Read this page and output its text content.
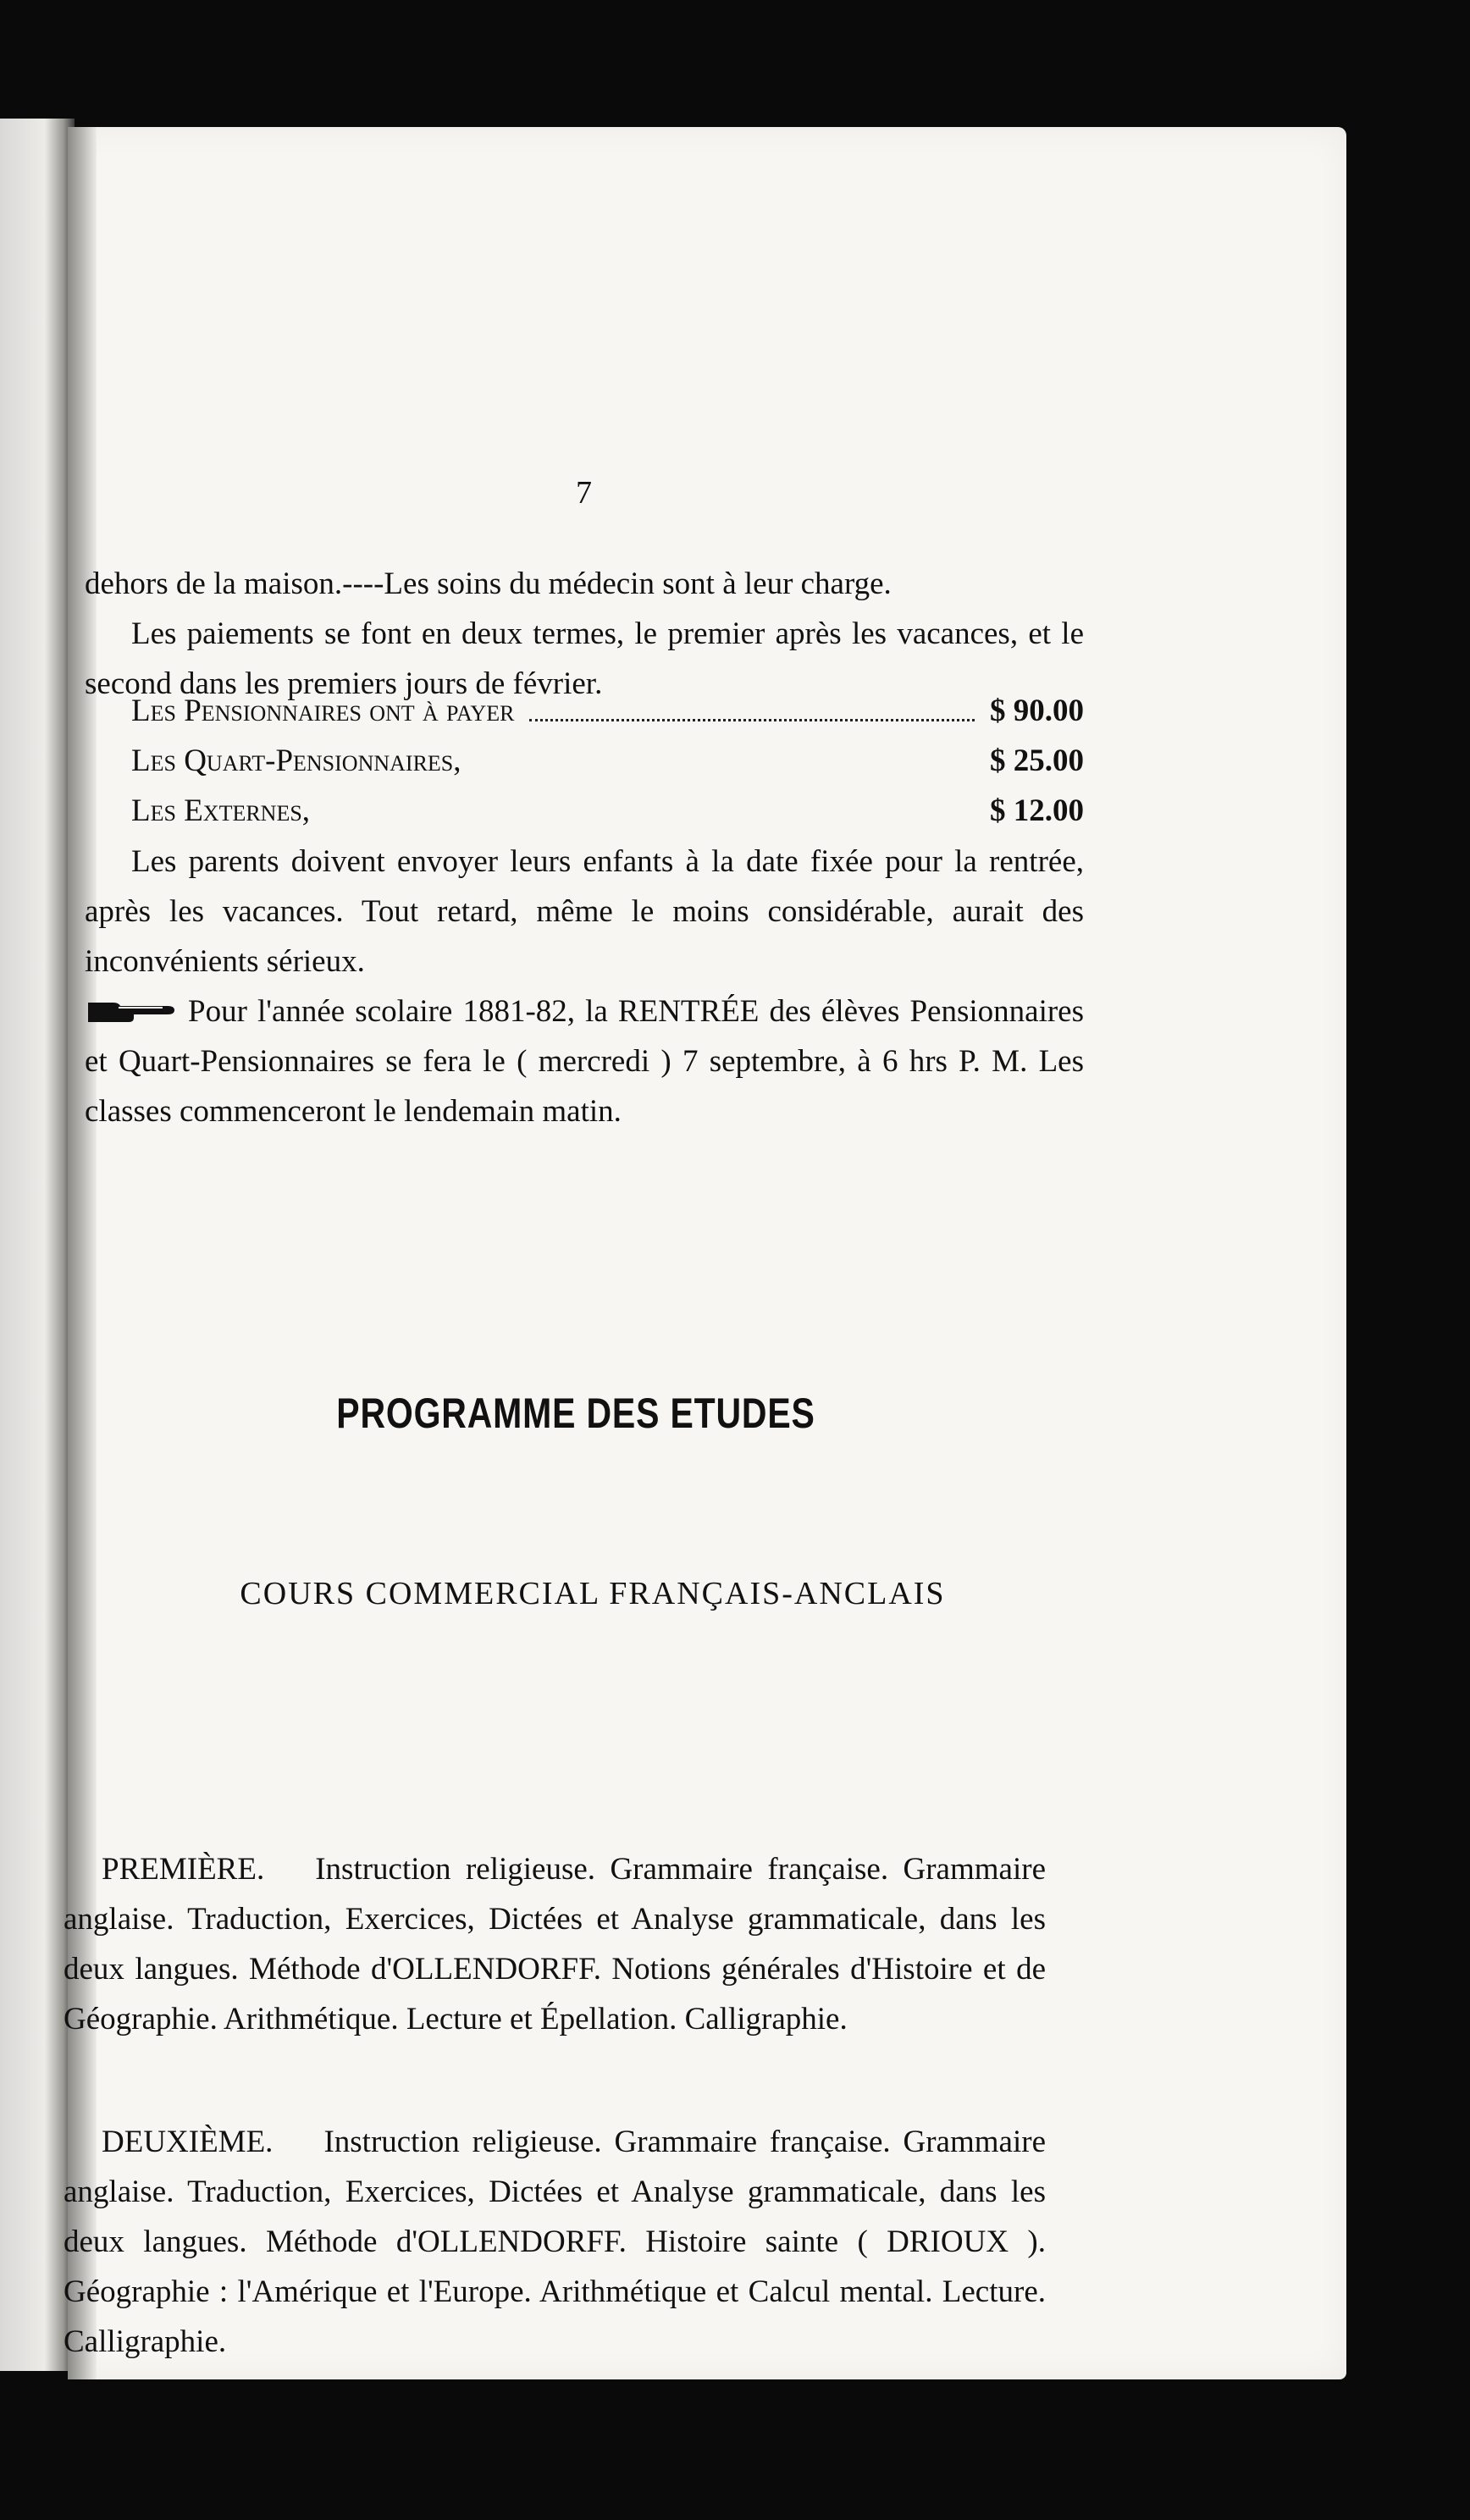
7
dehors de la maison.----Les soins du médecin sont à leur charge.
Les paiements se font en deux termes, le premier après les vacances, et le second dans les premiers jours de février.
Les Pensionnaires ont à payer	$ 90.00
Les Quart-Pensionnaires,	$ 25.00
Les Externes,	$ 12.00
Les parents doivent envoyer leurs enfants à la date fixée pour la rentrée, après les vacances. Tout retard, même le moins considérable, aurait des inconvénients sérieux.
Pour l'année scolaire 1881-82, la RENTRÉE des élèves Pensionnaires et Quart-Pensionnaires se fera le ( mercredi ) 7 septembre, à 6 hrs P. M. Les classes commenceront le lendemain matin.
PROGRAMME DES ETUDES
COURS COMMERCIAL FRANÇAIS-ANCLAIS
PREMIÈRE. Instruction religieuse. Grammaire française. Grammaire anglaise. Traduction, Exercices, Dictées et Analyse grammaticale, dans les deux langues. Méthode d'OLLENDORFF. Notions générales d'Histoire et de Géographie. Arithmétique. Lecture et Épellation. Calligraphie.
DEUXIÈME. Instruction religieuse. Grammaire française. Grammaire anglaise. Traduction, Exercices, Dictées et Analyse grammaticale, dans les deux langues. Méthode d'OLLENDORFF. Histoire sainte ( DRIOUX ). Géographie : l'Amérique et l'Europe. Arithmétique et Calcul mental. Lecture. Calligraphie.
